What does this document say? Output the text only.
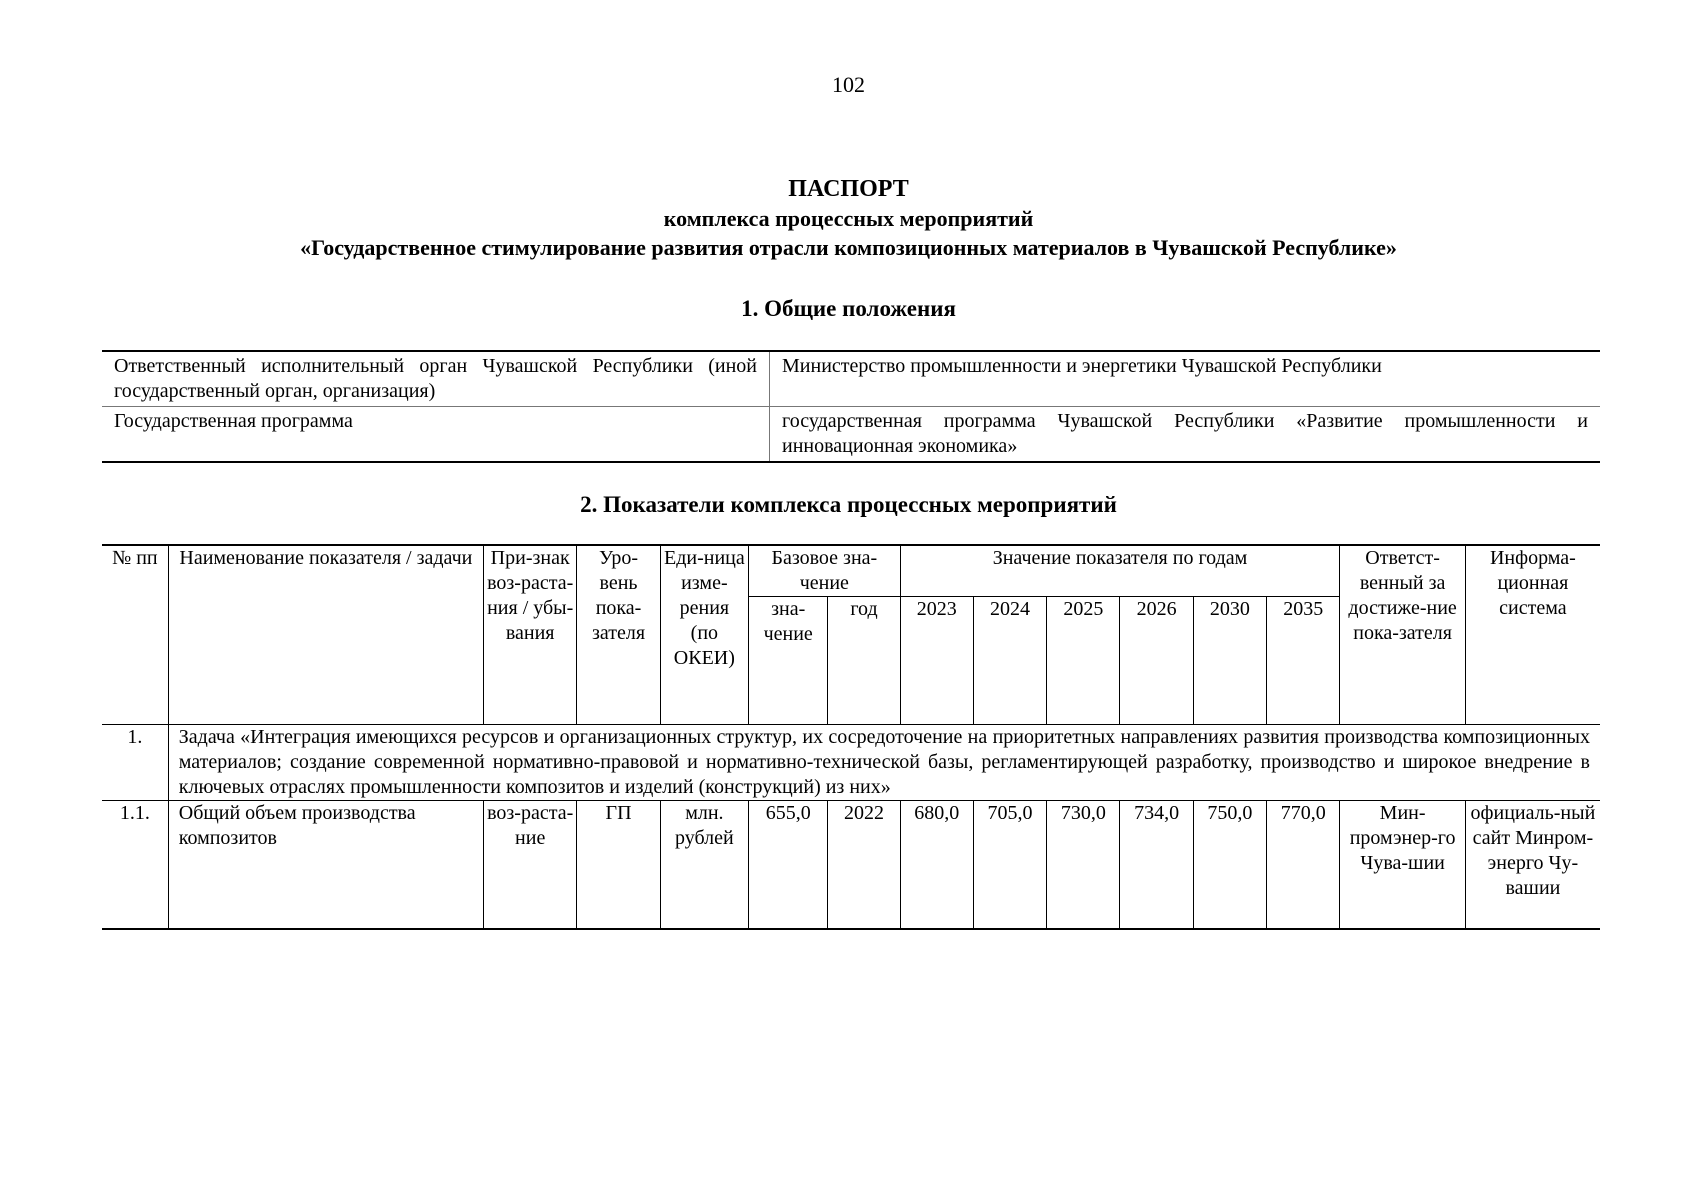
102
ПАСПОРТ
комплекса процессных мероприятий
«Государственное стимулирование развития отрасли композиционных материалов в Чувашской Республике»
1. Общие положения
Ответственный исполнительный орган Чувашской Республики (иной государственный орган, организация)	Министерство промышленности и энергетики Чувашской Республики
Государственная программа	государственная программа Чувашской Республики «Развитие промышленности и инновационная экономика»
2. Показатели комплекса процессных мероприятий
№ пп	Наименование показателя / задачи	При-знак воз-раста-ния / убы-вания	Уро-вень пока-зателя	Еди-ница изме-рения (по ОКЕИ)	Базовое зна-чение		Значение показателя по годам						Ответст-венный за достиже-ние пока-зателя	Информа-ционная система
					зна-чение	год	2023	2024	2025	2026	2030	2035		
1.	Задача «Интеграция имеющихся ресурсов и организационных структур, их сосредоточение на приоритетных направлениях развития производства композиционных материалов; создание современной нормативно-правовой и нормативно-технической базы, регламентирующей разработку, производство и широкое внедрение в ключевых отраслях промышленности композитов и изделий (конструкций) из них»													
1.1.	Общий объем производства композитов	воз-раста-ние	ГП	млн. рублей	655,0	2022	680,0	705,0	730,0	734,0	750,0	770,0	Мин-промэнер-го Чува-шии	официаль-ный сайт Минром-энерго Чу-вашии
